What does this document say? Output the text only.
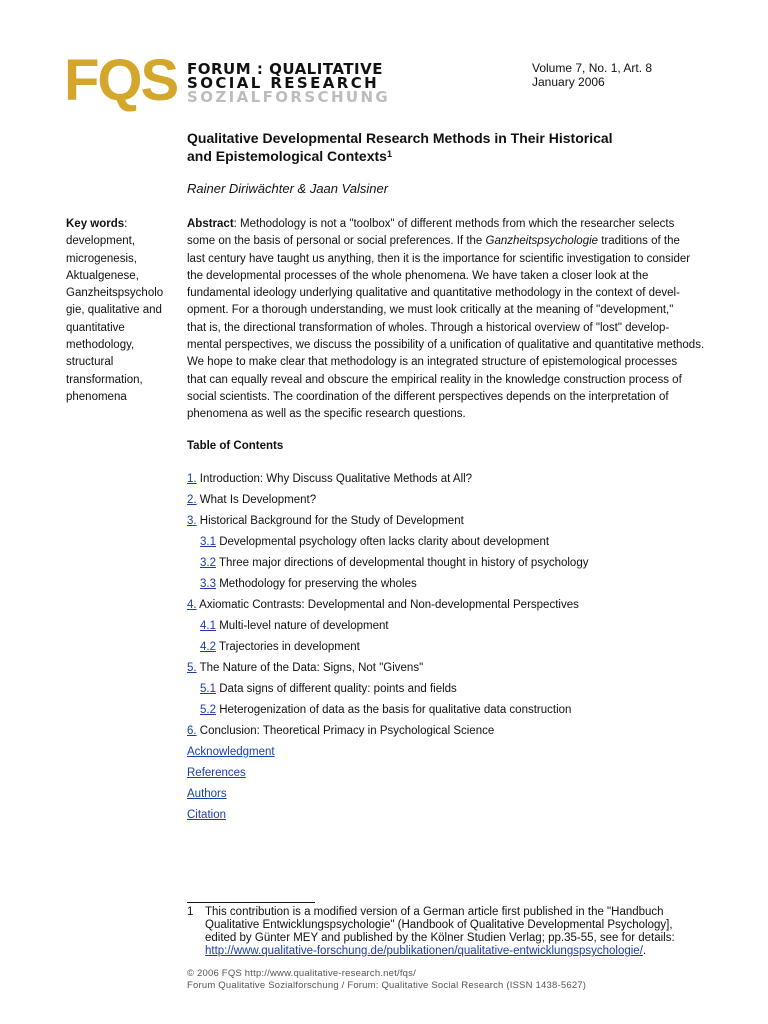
FQS FORUM : QUALITATIVE
SOCIAL RESEARCH
SOZIALFORSCHUNG
Volume 7, No. 1, Art. 8
January 2006
Qualitative Developmental Research Methods in Their Historical
and Epistemological Contexts$^1$
Rainer Diriwächter & Jaan Valsiner
Key words:
development,
microgenesis,
Aktualgenese,
Ganzheitspsycholo
gie, qualitative and
quantitative
methodology,
structural
transformation,
phenomena
Abstract: Methodology is not a "toolbox" of different methods from which the researcher selects
some on the basis of personal or social preferences. If the Ganzheitspsychologie traditions of the
last century have taught us anything, then it is the importance for scientific investigation to consider
the developmental processes of the whole phenomena. We have taken a closer look at the
fundamental ideology underlying qualitative and quantitative methodology in the context of devel-
opment. For a thorough understanding, we must look critically at the meaning of "development,"
that is, the directional transformation of wholes. Through a historical overview of "lost" develop-
mental perspectives, we discuss the possibility of a unification of qualitative and quantitative methods.
We hope to make clear that methodology is an integrated structure of epistemological processes
that can equally reveal and obscure the empirical reality in the knowledge construction process of
social scientists. The coordination of the different perspectives depends on the interpretation of
phenomena as well as the specific research questions.
Table of Contents
1. Introduction: Why Discuss Qualitative Methods at All?
2. What Is Development?
3. Historical Background for the Study of Development
3.1 Developmental psychology often lacks clarity about development
3.2 Three major directions of developmental thought in history of psychology
3.3 Methodology for preserving the wholes
4. Axiomatic Contrasts: Developmental and Non-developmental Perspectives
4.1 Multi-level nature of development
4.2 Trajectories in development
5. The Nature of the Data: Signs, Not "Givens"
5.1 Data signs of different quality: points and fields
5.2 Heterogenization of data as the basis for qualitative data construction
6. Conclusion: Theoretical Primacy in Psychological Science
Acknowledgment
References
Authors
Citation
1 This contribution is a modified version of a German article first published in the "Handbuch
Qualitative Entwicklungspsychologie" (Handbook of Qualitative Developmental Psychology],
edited by Günter MEY and published by the Kölner Studien Verlag; pp.35-55, see for details:
http://www.qualitative-forschung.de/publikationen/qualitative-entwicklungspsychologie/.
© 2006 FQS http://www.qualitative-research.net/fqs/
Forum Qualitative Sozialforschung / Forum: Qualitative Social Research (ISSN 1438-5627)
